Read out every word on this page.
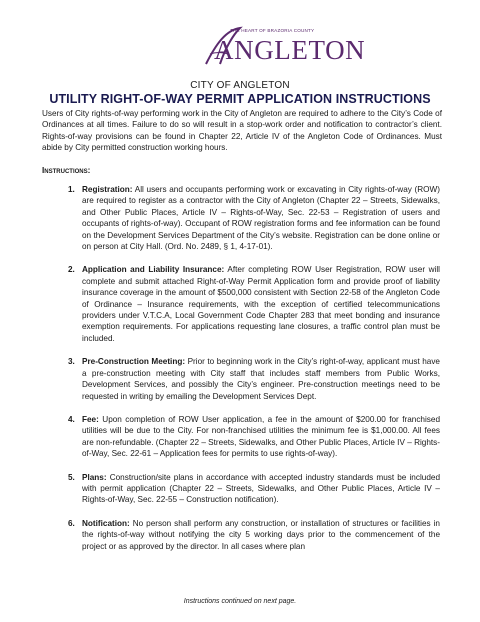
THE HEART OF BRAZORIA COUNTY
ANGLETON
CITY OF ANGLETON
UTILITY RIGHT-OF-WAY PERMIT APPLICATION INSTRUCTIONS
Users of City rights-of-way performing work in the City of Angleton are required to adhere to the City’s Code of Ordinances at all times. Failure to do so will result in a stop-work order and notification to contractor’s client. Rights-of-way provisions can be found in Chapter 22, Article IV of the Angleton Code of Ordinances. Must abide by City permitted construction working hours.
Instructions:
1. Registration: All users and occupants performing work or excavating in City rights-of-way (ROW) are required to register as a contractor with the City of Angleton (Chapter 22 – Streets, Sidewalks, and Other Public Places, Article IV – Rights-of-Way, Sec. 22-53 – Registration of users and occupants of rights-of-way). Occupant of ROW registration forms and fee information can be found on the Development Services Department of the City’s website. Registration can be done online or on person at City Hall. (Ord. No. 2489, § 1, 4-17-01).
2. Application and Liability Insurance: After completing ROW User Registration, ROW user will complete and submit attached Right-of-Way Permit Application form and provide proof of liability insurance coverage in the amount of $500,000 consistent with Section 22-58 of the Angleton Code of Ordinance – Insurance requirements, with the exception of certified telecommunications providers under V.T.C.A, Local Government Code Chapter 283 that meet bonding and insurance exemption requirements. For applications requesting lane closures, a traffic control plan must be included.
3. Pre-Construction Meeting: Prior to beginning work in the City’s right-of-way, applicant must have a pre-construction meeting with City staff that includes staff members from Public Works, Development Services, and possibly the City’s engineer. Pre-construction meetings need to be requested in writing by emailing the Development Services Dept.
4. Fee: Upon completion of ROW User application, a fee in the amount of $200.00 for franchised utilities will be due to the City. For non-franchised utilities the minimum fee is $1,000.00. All fees are non-refundable. (Chapter 22 – Streets, Sidewalks, and Other Public Places, Article IV – Rights-of-Way, Sec. 22-61 – Application fees for permits to use rights-of-way).
5. Plans: Construction/site plans in accordance with accepted industry standards must be included with permit application (Chapter 22 – Streets, Sidewalks, and Other Public Places, Article IV – Rights-of-Way, Sec. 22-55 – Construction notification).
6. Notification: No person shall perform any construction, or installation of structures or facilities in the rights-of-way without notifying the city 5 working days prior to the commencement of the project or as approved by the director. In all cases where plan
Instructions continued on next page.
